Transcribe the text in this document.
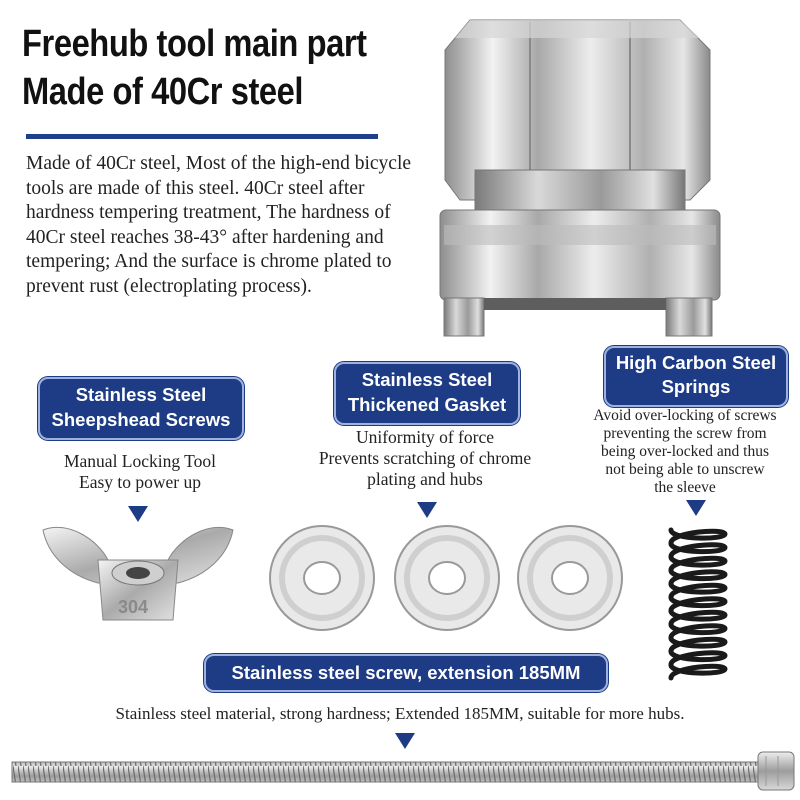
Freehub tool main part
Made of 40Cr steel
Made of 40Cr steel, Most of the high-end bicycle tools are made of this steel. 40Cr steel after hardness tempering treatment, The hardness of 40Cr steel reaches 38-43° after hardening and tempering; And the surface is chrome plated to prevent rust (electroplating process).
Stainless Steel
Sheepshead Screws
Manual Locking Tool
Easy to power up
Stainless Steel
Thickened Gasket
Uniformity of force
Prevents scratching of chrome
plating and hubs
High Carbon Steel
Springs
Avoid over-locking of screws
preventing the screw from
being over-locked and thus
not being able to unscrew
the sleeve
304
Stainless steel screw, extension 185MM
Stainless steel material, strong hardness; Extended 185MM, suitable for more hubs.
